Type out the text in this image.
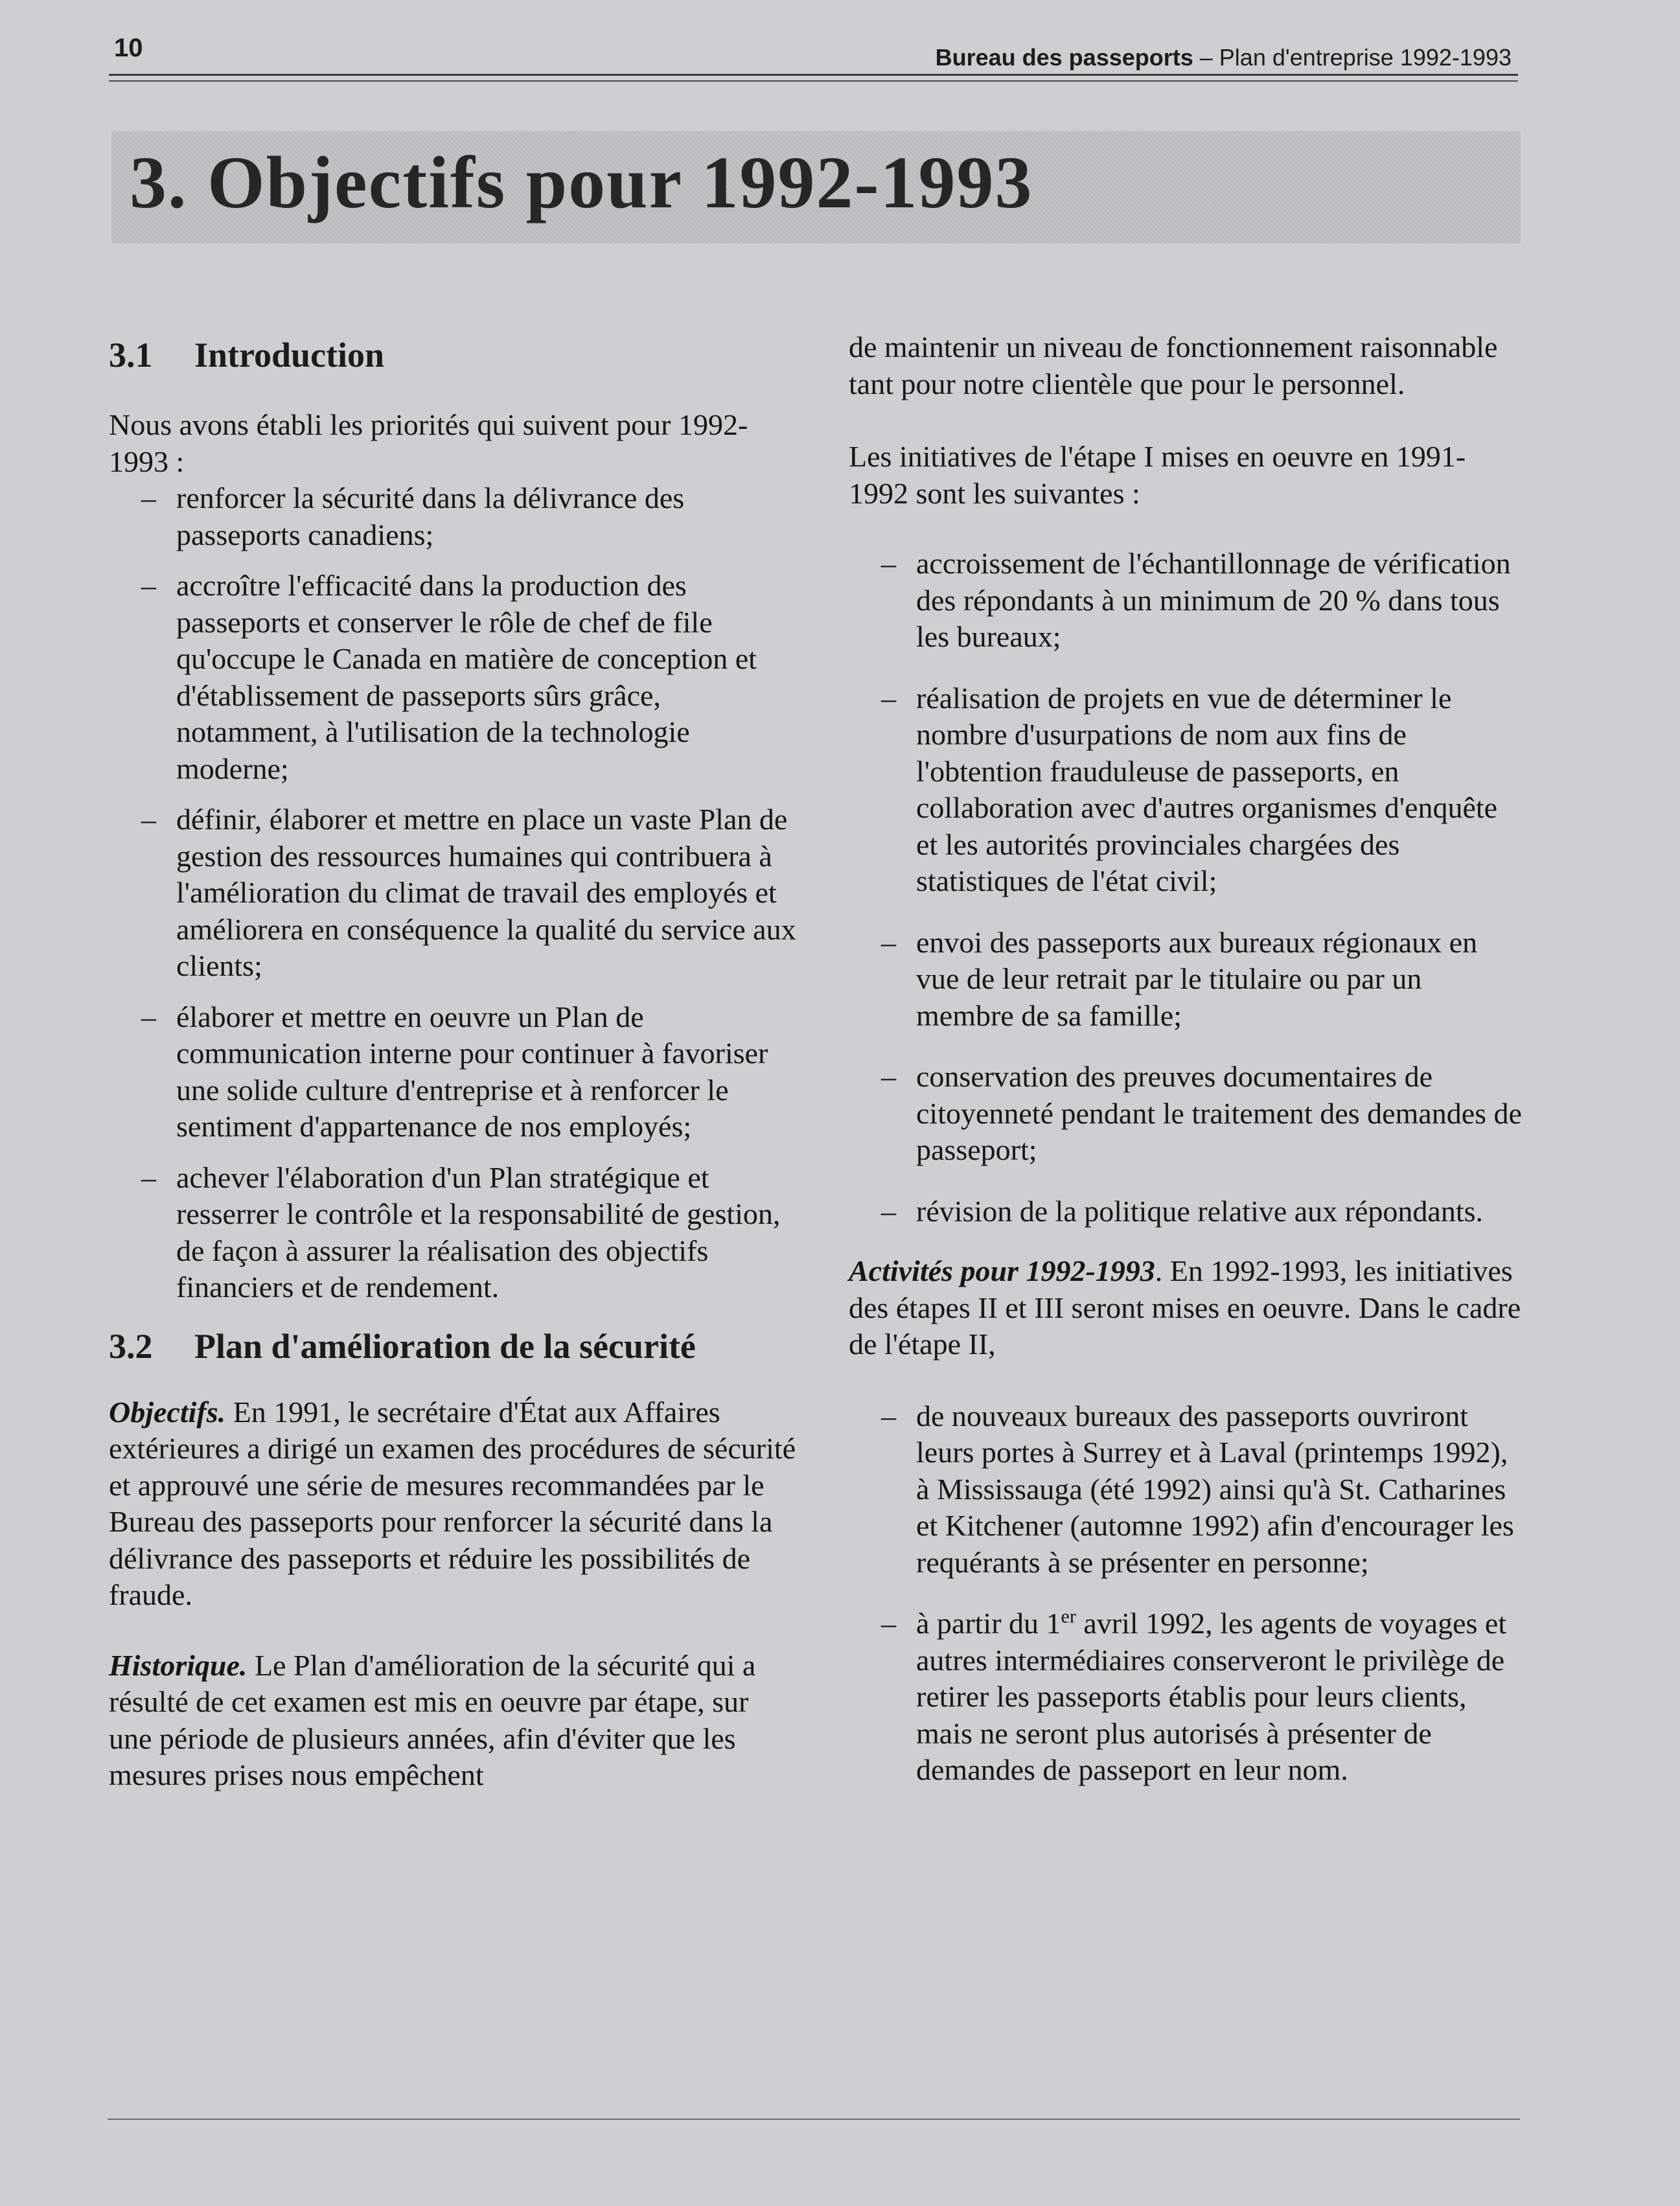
10	Bureau des passeports – Plan d'entreprise 1992-1993
3. Objectifs pour 1992-1993
3.1 Introduction

Nous avons établi les priorités qui suivent pour 1992-1993 :

– renforcer la sécurité dans la délivrance des passeports canadiens;
– accroître l'efficacité dans la production des passeports et conserver le rôle de chef de file qu'occupe le Canada en matière de conception et d'établissement de passeports sûrs grâce, notamment, à l'utilisation de la technologie moderne;
– définir, élaborer et mettre en place un vaste Plan de gestion des ressources humaines qui contribuera à l'amélioration du climat de travail des employés et améliorera en conséquence la qualité du service aux clients;
– élaborer et mettre en oeuvre un Plan de communication interne pour continuer à favoriser une solide culture d'entreprise et à renforcer le sentiment d'appartenance de nos employés;
– achever l'élaboration d'un Plan stratégique et resserrer le contrôle et la responsabilité de gestion, de façon à assurer la réalisation des objectifs financiers et de rendement.
3.2 Plan d'amélioration de la sécurité

Objectifs. En 1991, le secrétaire d'État aux Affaires extérieures a dirigé un examen des procédures de sécurité et approuvé une série de mesures recommandées par le Bureau des passeports pour renforcer la sécurité dans la délivrance des passeports et réduire les possibilités de fraude.

Historique. Le Plan d'amélioration de la sécurité qui a résulté de cet examen est mis en oeuvre par étape, sur une période de plusieurs années, afin d'éviter que les mesures prises nous empêchent

de maintenir un niveau de fonctionnement raisonnable tant pour notre clientèle que pour le personnel.

Les initiatives de l'étape I mises en oeuvre en 1991-1992 sont les suivantes :

– accroissement de l'échantillonnage de vérification des répondants à un minimum de 20 % dans tous les bureaux;
– réalisation de projets en vue de déterminer le nombre d'usurpations de nom aux fins de l'obtention frauduleuse de passeports, en collaboration avec d'autres organismes d'enquête et les autorités provinciales chargées des statistiques de l'état civil;
– envoi des passeports aux bureaux régionaux en vue de leur retrait par le titulaire ou par un membre de sa famille;
– conservation des preuves documentaires de citoyenneté pendant le traitement des demandes de passeport;
– révision de la politique relative aux répondants.

Activités pour 1992-1993. En 1992-1993, les initiatives des étapes II et III seront mises en oeuvre. Dans le cadre de l'étape II,

– de nouveaux bureaux des passeports ouvriront leurs portes à Surrey et à Laval (printemps 1992), à Mississauga (été 1992) ainsi qu'à St. Catharines et Kitchener (automne 1992) afin d'encourager les requérants à se présenter en personne;
– à partir du 1er avril 1992, les agents de voyages et autres intermédiaires conserveront le privilège de retirer les passeports établis pour leurs clients, mais ne seront plus autorisés à présenter de demandes de passeport en leur nom.
